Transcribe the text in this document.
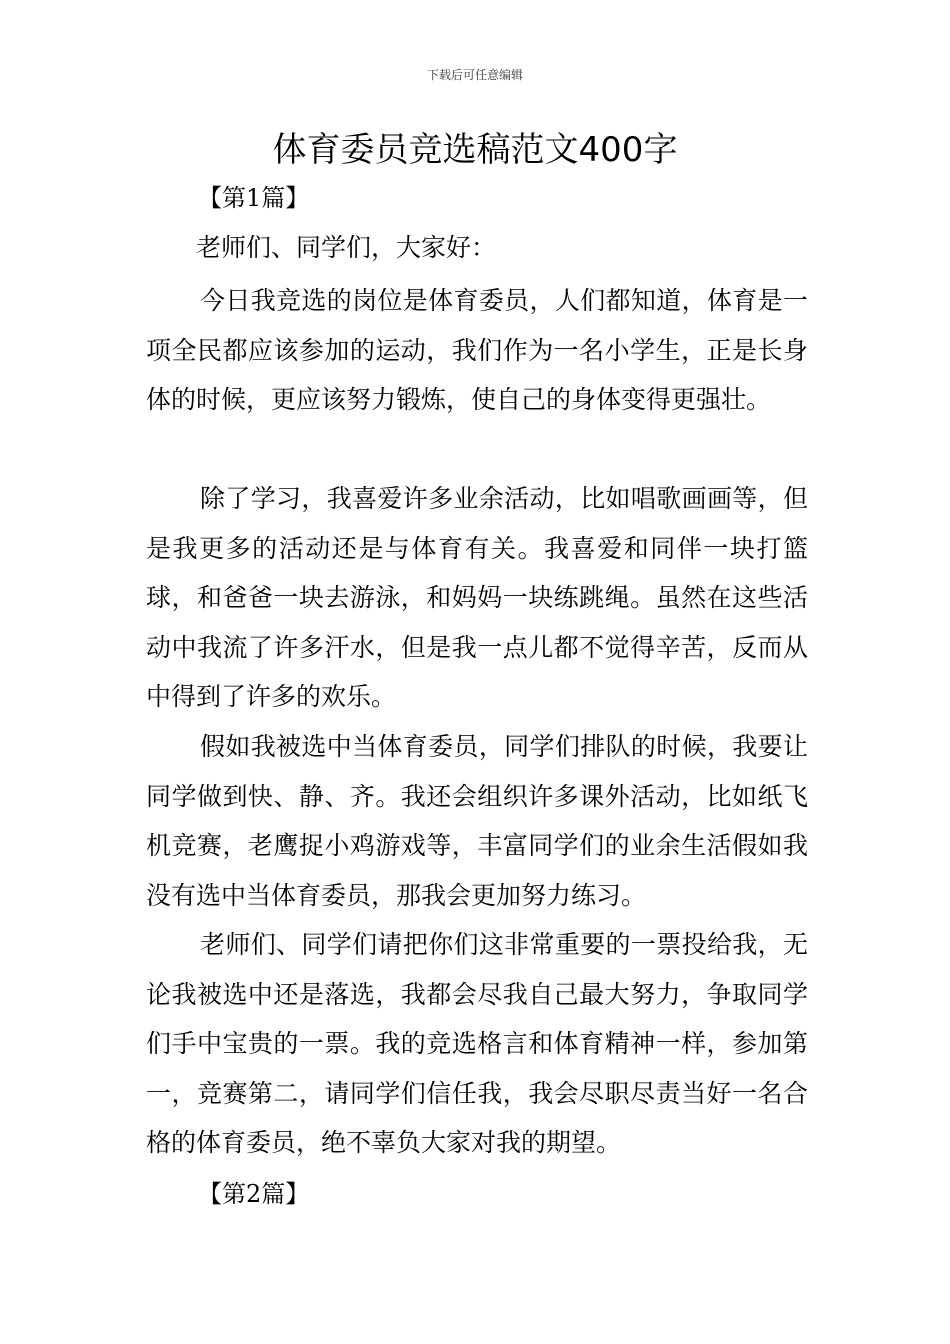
下载后可任意编辑
体育委员竞选稿范文400字
【第1篇】
老师们、同学们，大家好：

今日我竞选的岗位是体育委员，人们都知道，体育是一项全民都应该参加的运动，我们作为一名小学生，正是长身体的时候，更应该努力锻炼，使自己的身体变得更强壮。

除了学习，我喜爱许多业余活动，比如唱歌画画等，但是我更多的活动还是与体育有关。我喜爱和同伴一块打篮球，和爸爸一块去游泳，和妈妈一块练跳绳。虽然在这些活动中我流了许多汗水，但是我一点儿都不觉得辛苦，反而从中得到了许多的欢乐。

假如我被选中当体育委员，同学们排队的时候，我要让同学做到快、静、齐。我还会组织许多课外活动，比如纸飞机竞赛，老鹰捉小鸡游戏等，丰富同学们的业余生活假如我没有选中当体育委员，那我会更加努力练习。

老师们、同学们请把你们这非常重要的一票投给我，无论我被选中还是落选，我都会尽我自己最大努力，争取同学们手中宝贵的一票。我的竞选格言和体育精神一样，参加第一，竞赛第二，请同学们信任我，我会尽职尽责当好一名合格的体育委员，绝不辜负大家对我的期望。

【第2篇】
